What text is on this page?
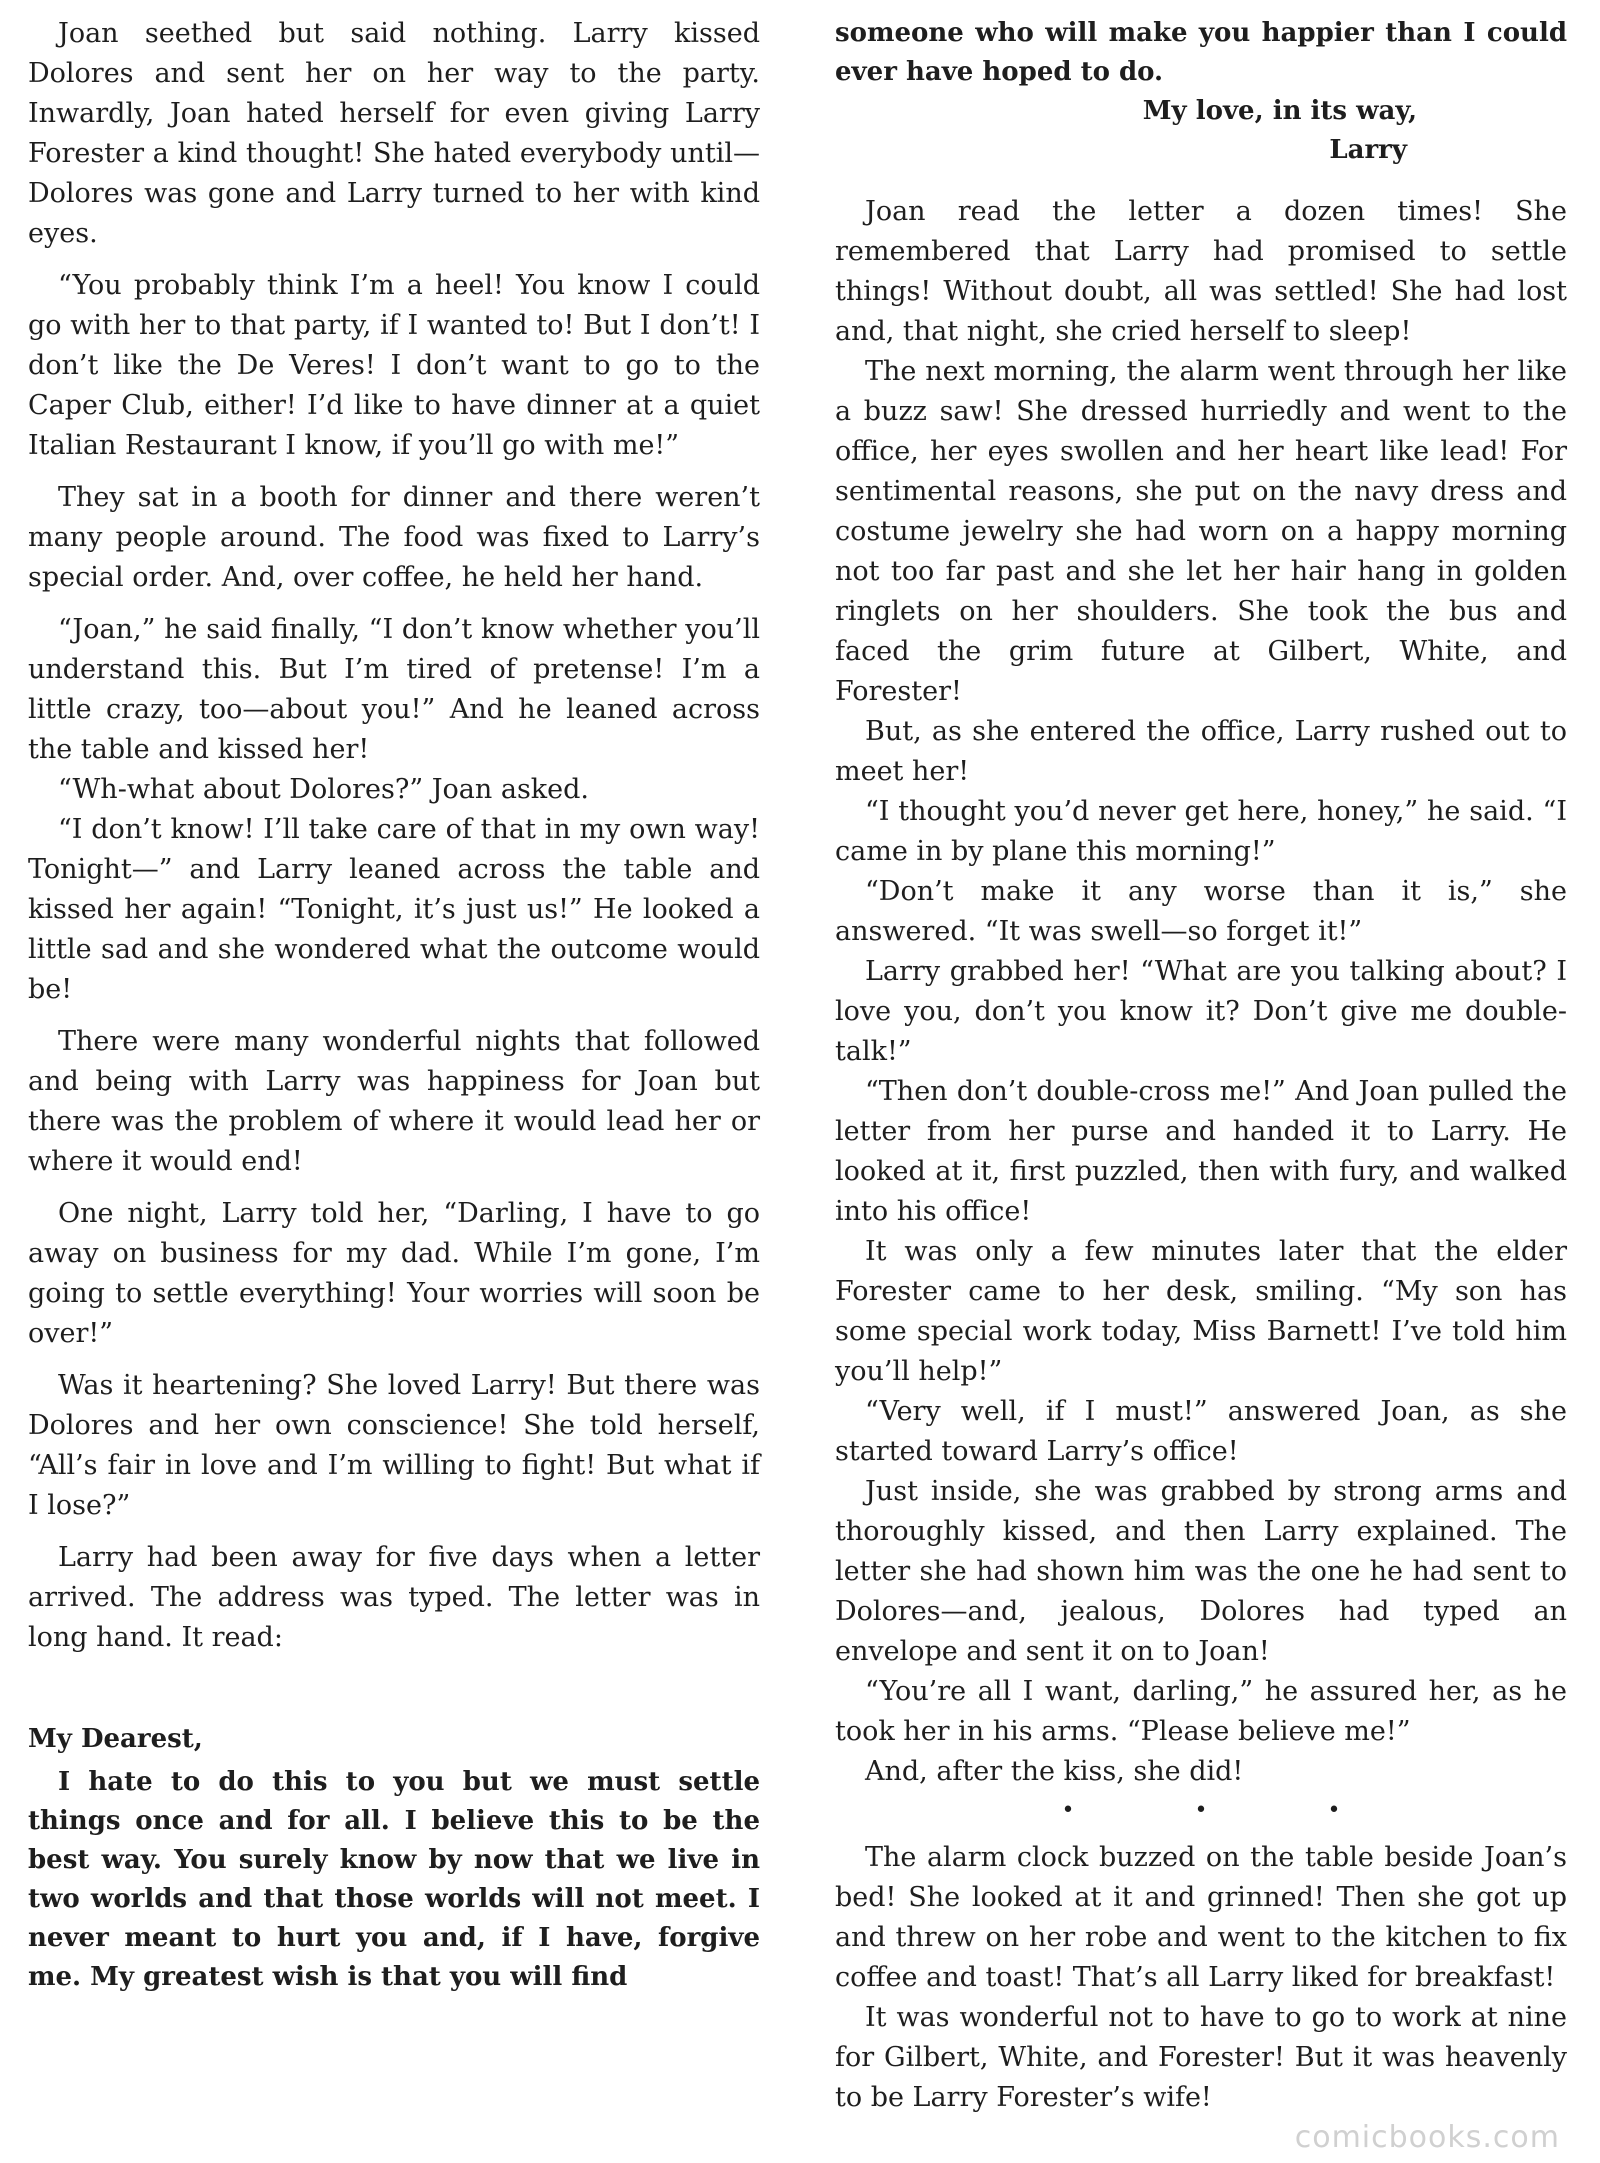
Joan seethed but said nothing. Larry kissed Dolores and sent her on her way to the party. Inwardly, Joan hated herself for even giving Larry Forester a kind thought! She hated everybody until—Dolores was gone and Larry turned to her with kind eyes.

“You probably think I’m a heel! You know I could go with her to that party, if I wanted to! But I don’t! I don’t like the De Veres! I don’t want to go to the Caper Club, either! I’d like to have dinner at a quiet Italian Restaurant I know, if you’ll go with me!”

They sat in a booth for dinner and there weren’t many people around. The food was fixed to Larry’s special order. And, over coffee, he held her hand.

“Joan,” he said finally, “I don’t know whether you’ll understand this. But I’m tired of pretense! I’m a little crazy, too—about you!” And he leaned across the table and kissed her!

“Wh-what about Dolores?” Joan asked.

“I don’t know! I’ll take care of that in my own way! Tonight—” and Larry leaned across the table and kissed her again! “Tonight, it’s just us!” He looked a little sad and she wondered what the outcome would be!

There were many wonderful nights that followed and being with Larry was happiness for Joan but there was the problem of where it would lead her or where it would end!

One night, Larry told her, “Darling, I have to go away on business for my dad. While I’m gone, I’m going to settle everything! Your worries will soon be over!”

Was it heartening? She loved Larry! But there was Dolores and her own conscience! She told herself, “All’s fair in love and I’m willing to fight! But what if I lose?”

Larry had been away for five days when a letter arrived. The address was typed. The letter was in long hand. It read:

My Dearest,

I hate to do this to you but we must settle things once and for all. I believe this to be the best way. You surely know by now that we live in two worlds and that those worlds will not meet. I never meant to hurt you and, if I have, forgive me. My greatest wish is that you will find

someone who will make you happier than I could ever have hoped to do.

My love, in its way,

Larry

Joan read the letter a dozen times! She remembered that Larry had promised to settle things! Without doubt, all was settled! She had lost and, that night, she cried herself to sleep!

The next morning, the alarm went through her like a buzz saw! She dressed hurriedly and went to the office, her eyes swollen and her heart like lead! For sentimental reasons, she put on the navy dress and costume jewelry she had worn on a happy morning not too far past and she let her hair hang in golden ringlets on her shoulders. She took the bus and faced the grim future at Gilbert, White, and Forester!

But, as she entered the office, Larry rushed out to meet her!

“I thought you’d never get here, honey,” he said. “I came in by plane this morning!”

“Don’t make it any worse than it is,” she answered. “It was swell—so forget it!”

Larry grabbed her! “What are you talking about? I love you, don’t you know it? Don’t give me double-talk!”

“Then don’t double-cross me!” And Joan pulled the letter from her purse and handed it to Larry. He looked at it, first puzzled, then with fury, and walked into his office!

It was only a few minutes later that the elder Forester came to her desk, smiling. “My son has some special work today, Miss Barnett! I’ve told him you’ll help!”

“Very well, if I must!” answered Joan, as she started toward Larry’s office!

Just inside, she was grabbed by strong arms and thoroughly kissed, and then Larry explained. The letter she had shown him was the one he had sent to Dolores—and, jealous, Dolores had typed an envelope and sent it on to Joan!

“You’re all I want, darling,” he assured her, as he took her in his arms. “Please believe me!”

And, after the kiss, she did!

•	•	•

The alarm clock buzzed on the table beside Joan’s bed! She looked at it and grinned! Then she got up and threw on her robe and went to the kitchen to fix coffee and toast! That’s all Larry liked for breakfast!

It was wonderful not to have to go to work at nine for Gilbert, White, and Forester! But it was heavenly to be Larry Forester’s wife!

comicbooks.com
